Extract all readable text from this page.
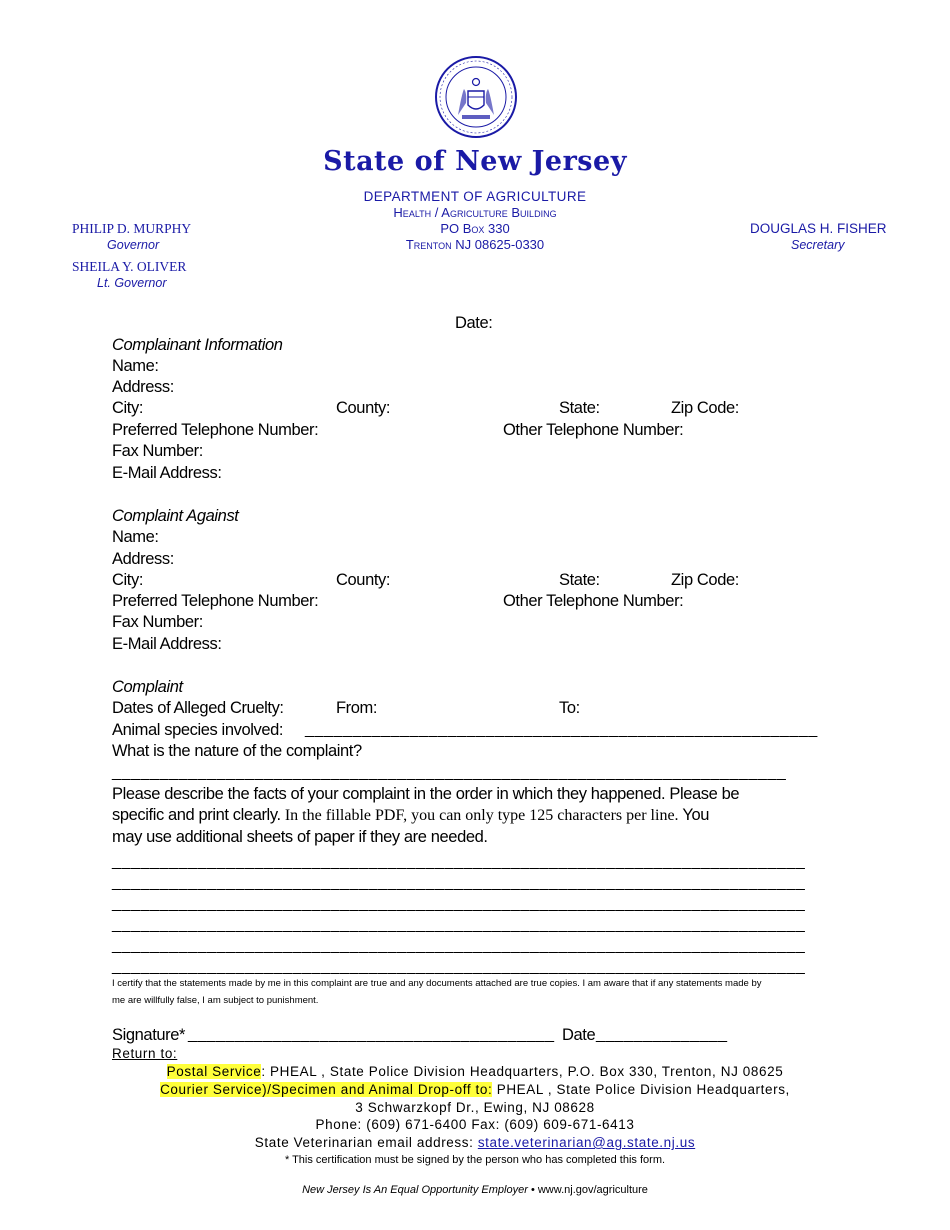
State of New Jersey
DEPARTMENT OF AGRICULTURE
Health / Agriculture Building
PO Box 330
Trenton NJ 08625-0330
PHILIP D. MURPHY
Governor
SHEILA Y. OLIVER
Lt. Governor
DOUGLAS H. FISHER
Secretary
Date:
Complainant Information
Name:
Address:
City:	County:	State:	Zip Code:
Preferred Telephone Number:	Other Telephone Number:
Fax Number:
E-Mail Address:
Complaint Against
Name:
Address:
City:	County:	State:	Zip Code:
Preferred Telephone Number:	Other Telephone Number:
Fax Number:
E-Mail Address:
Complaint
Dates of Alleged Cruelty:	From:	To:
Animal species involved: ______________________________________________________
What is the nature of the complaint?
_______________________________________________________________________
Please describe the facts of your complaint in the order in which they happened. Please be
specific and print clearly. In the fillable PDF, you can only type 125 characters per line. You
may use additional sheets of paper if they are needed.
_________________________________________________________________________
_________________________________________________________________________
_________________________________________________________________________
_________________________________________________________________________
_________________________________________________________________________
_________________________________________________________________________
I certify that the statements made by me in this complaint are true and any documents attached are true copies. I am aware that if any statements made by
me are willfully false, I am subject to punishment.
Signature* _______________________________________ Date ______________
Return to:
Postal Service: PHEAL , State Police Division Headquarters, P.O. Box 330, Trenton, NJ 08625
Courier Service)/Specimen and Animal Drop-off to: PHEAL , State Police Division Headquarters,
3 Schwarzkopf Dr., Ewing, NJ 08628
Phone: (609) 671-6400 Fax: (609) 609-671-6413
State Veterinarian email address: state.veterinarian@ag.state.nj.us
* This certification must be signed by the person who has completed this form.
New Jersey Is An Equal Opportunity Employer • www.nj.gov/agriculture
